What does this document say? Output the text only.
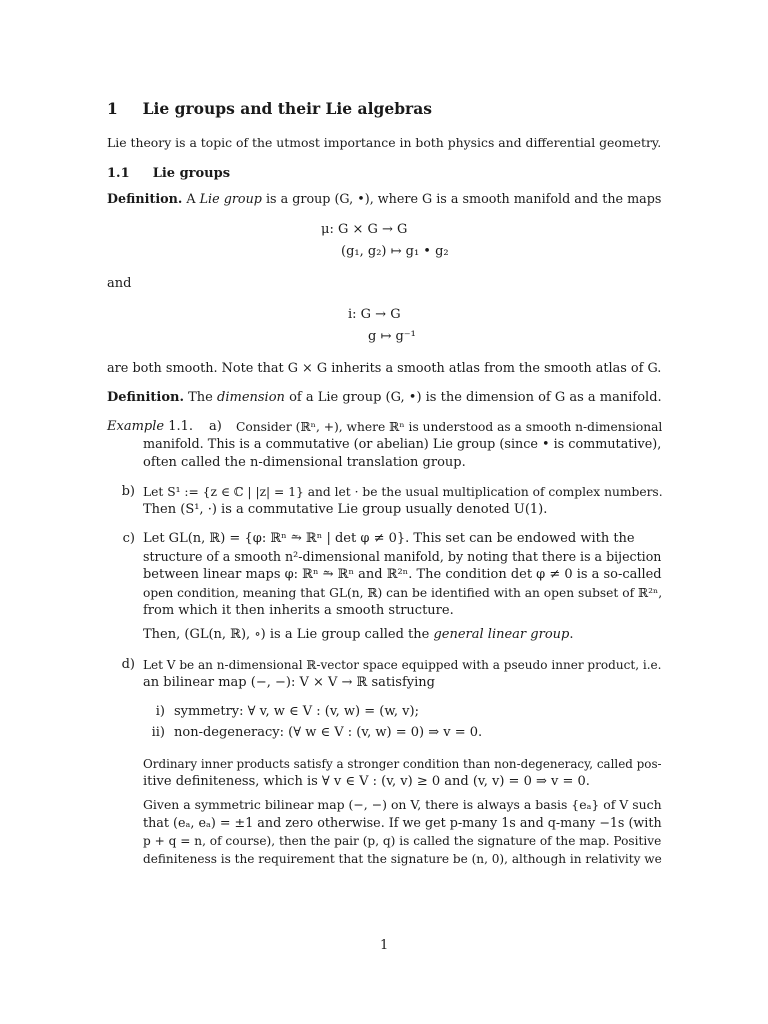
1 Lie groups and their Lie algebras
Lie theory is a topic of the utmost importance in both physics and differential geometry.
1.1 Lie groups
Definition. A Lie group is a group (G, •), where G is a smooth manifold and the maps
μ: G × G → G
(g₁, g₂) ↦ g₁ • g₂
and
i: G → G
g ↦ g⁻¹
are both smooth. Note that G × G inherits a smooth atlas from the smooth atlas of G.
Definition. The dimension of a Lie group (G, •) is the dimension of G as a manifold.
Example 1.1. a) Consider (ℝⁿ, +), where ℝⁿ is understood as a smooth n-dimensional
manifold. This is a commutative (or abelian) Lie group (since • is commutative),
often called the n-dimensional translation group.
b) Let S¹ := {z ∈ ℂ | |z| = 1} and let · be the usual multiplication of complex numbers.
Then (S¹, ·) is a commutative Lie group usually denoted U(1).
c) Let GL(n, ℝ) = {φ: ℝⁿ ⥲ ℝⁿ | det φ ≠ 0}. This set can be endowed with the
structure of a smooth n²-dimensional manifold, by noting that there is a bijection
between linear maps φ: ℝⁿ ⥲ ℝⁿ and ℝ²ⁿ. The condition det φ ≠ 0 is a so-called
open condition, meaning that GL(n, ℝ) can be identified with an open subset of ℝ²ⁿ,
from which it then inherits a smooth structure.
Then, (GL(n, ℝ), ∘) is a Lie group called the general linear group.
d) Let V be an n-dimensional ℝ-vector space equipped with a pseudo inner product, i.e.
an bilinear map (−, −): V × V → ℝ satisfying
i) symmetry: ∀ v, w ∈ V : (v, w) = (w, v);
ii) non-degeneracy: (∀ w ∈ V : (v, w) = 0) ⇒ v = 0.
Ordinary inner products satisfy a stronger condition than non-degeneracy, called pos-
itive definiteness, which is ∀ v ∈ V : (v, v) ≥ 0 and (v, v) = 0 ⇒ v = 0.
Given a symmetric bilinear map (−, −) on V, there is always a basis {eₐ} of V such
that (eₐ, eₐ) = ±1 and zero otherwise. If we get p-many 1s and q-many −1s (with
p + q = n, of course), then the pair (p, q) is called the signature of the map. Positive
definiteness is the requirement that the signature be (n, 0), although in relativity we
1
